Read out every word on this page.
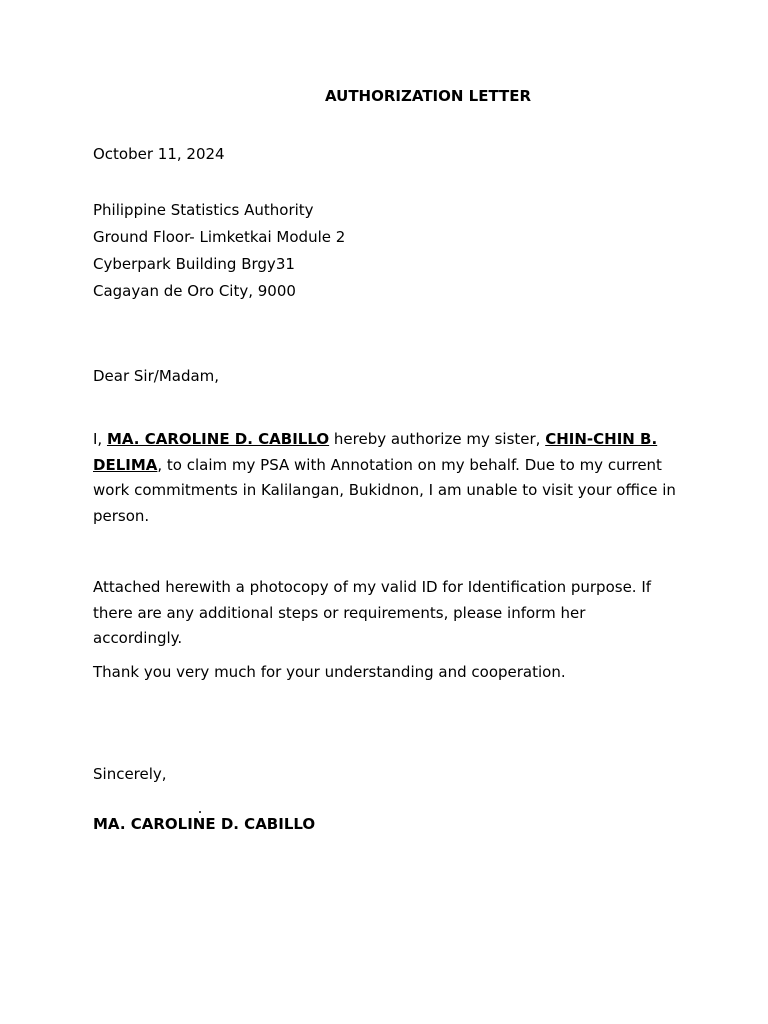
AUTHORIZATION LETTER
October 11, 2024
Philippine Statistics Authority
Ground Floor- Limketkai Module 2
Cyberpark Building Brgy31
Cagayan de Oro City, 9000
Dear Sir/Madam,
I, MA. CAROLINE D. CABILLO hereby authorize my sister, CHIN-CHIN B. DELIMA, to claim my PSA with Annotation on my behalf. Due to my current work commitments in Kalilangan, Bukidnon, I am unable to visit your office in person.
Attached herewith a photocopy of my valid ID for Identification purpose. If there are any additional steps or requirements, please inform her accordingly.
Thank you very much for your understanding and cooperation.
Sincerely,
MA. CAROLINE D. CABILLO
